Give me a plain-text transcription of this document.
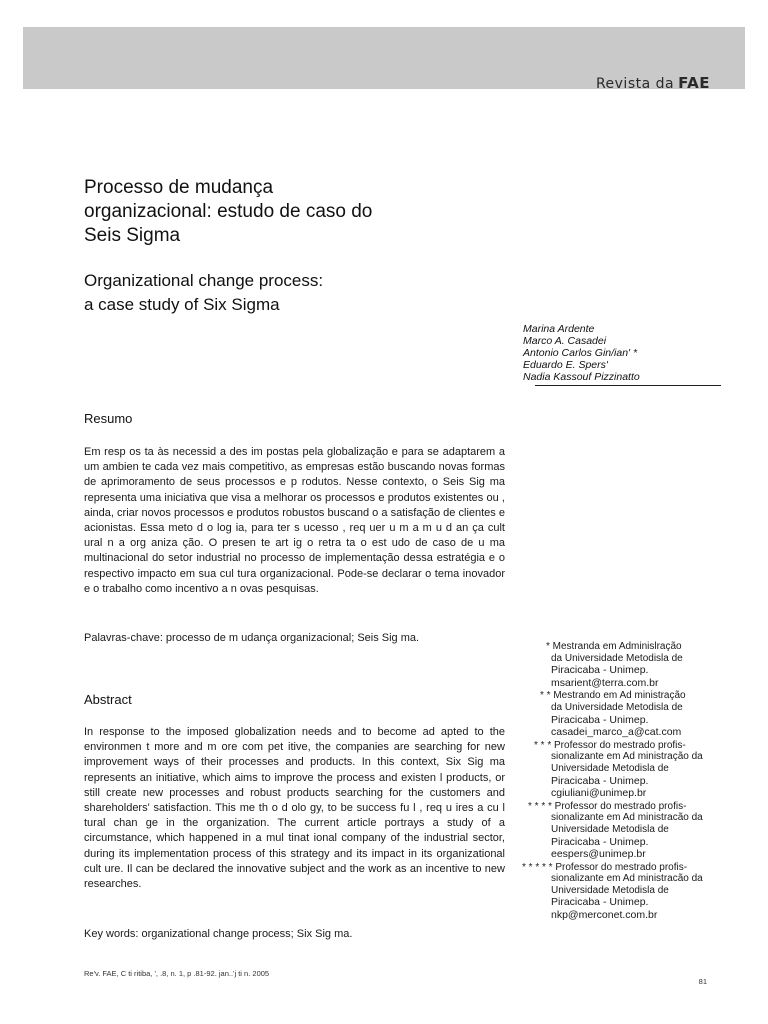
Revista da FAE
Processo de mudança
organizacional: estudo de caso do
Seis Sigma
Organizational change process:
a case study of Six Sigma
Marina Ardente
Marco A. Casadei
Antonio Carlos Gin/ian' *
Eduardo E. Spers'
Nadia Kassouf Pizzinatto
Resumo

Em resp os ta às necessid a des im postas pela globalização e para se adaptarem a um ambien te cada vez mais competitivo, as empresas estão buscando novas formas de aprimoramento de seus processos e p rodutos. Nesse contexto, o Seis Sig ma representa uma iniciativa que visa a melhorar os processos e produtos existentes ou , ainda, criar novos processos e produtos robustos buscand o a satisfação de clientes e acionistas. Essa meto d o log ia, para ter s ucesso , req uer u m a m u d an ça cult ural n a org aniza ção. O presen te art ig o retra ta o est udo de caso de u ma multinacional do setor industrial no processo de implementação dessa estratégia e o respectivo impacto em sua cul tura organizacional. Pode-se declarar o tema inovador e o trabalho como incentivo a n ovas pesquisas.

Palavras-chave: processo de m udança organizacional; Seis Sig ma.

Abstract

In response to the imposed globalization needs and to become ad apted to the environmen t more and m ore com pet itive, the companies are searching for new improvement ways of their processes and products. In this context, Six Sig ma represents an initiative, which aims to improve the process and existen l products, or still create new processes and robust products searching for the customers and shareholders' satisfaction. This me th o d olo gy, to be success fu l , req u ires a cu l tural chan ge in the organization. The current article portrays a study of a circumstance, which happened in a mul tinat ional company of the industrial sector, during its implementation process of this strategy and its impact in its organizational cult ure. Il can be declared the innovative subject and the work as an incentive to new researches.

Key words: organizational change process; Six Sig ma.

* Mestranda em Adminislração
da Universidade Metodisla de
Piracicaba - Unimep.
msarient@terra.com.br
* * Mestrando em Ad ministração
da Universidade Metodisla de
Piracicaba - Unimep.
casadei_marco_a@cat.com
* * * Professor do mestrado profis-
sionalizante em Ad ministração da Universidade Metodisla de
Piracicaba - Unimep.
cgiuliani@unimep.br
* * * * Professor do mestrado profis-
sionalizante em Ad ministracão da Universidade Metodisla de
Piracicaba - Unimep.
eespers@unimep.br
* * * * * Professor do mestrado profis-
sionalizante em Ad ministracão da Universidade Metodisla de
Piracicaba - Unimep.
nkp@merconet.com.br
Re'v. FAE, C ti ritiba, ', .8, n. 1, p .81-92. jan..'j ti n. 2005
81
